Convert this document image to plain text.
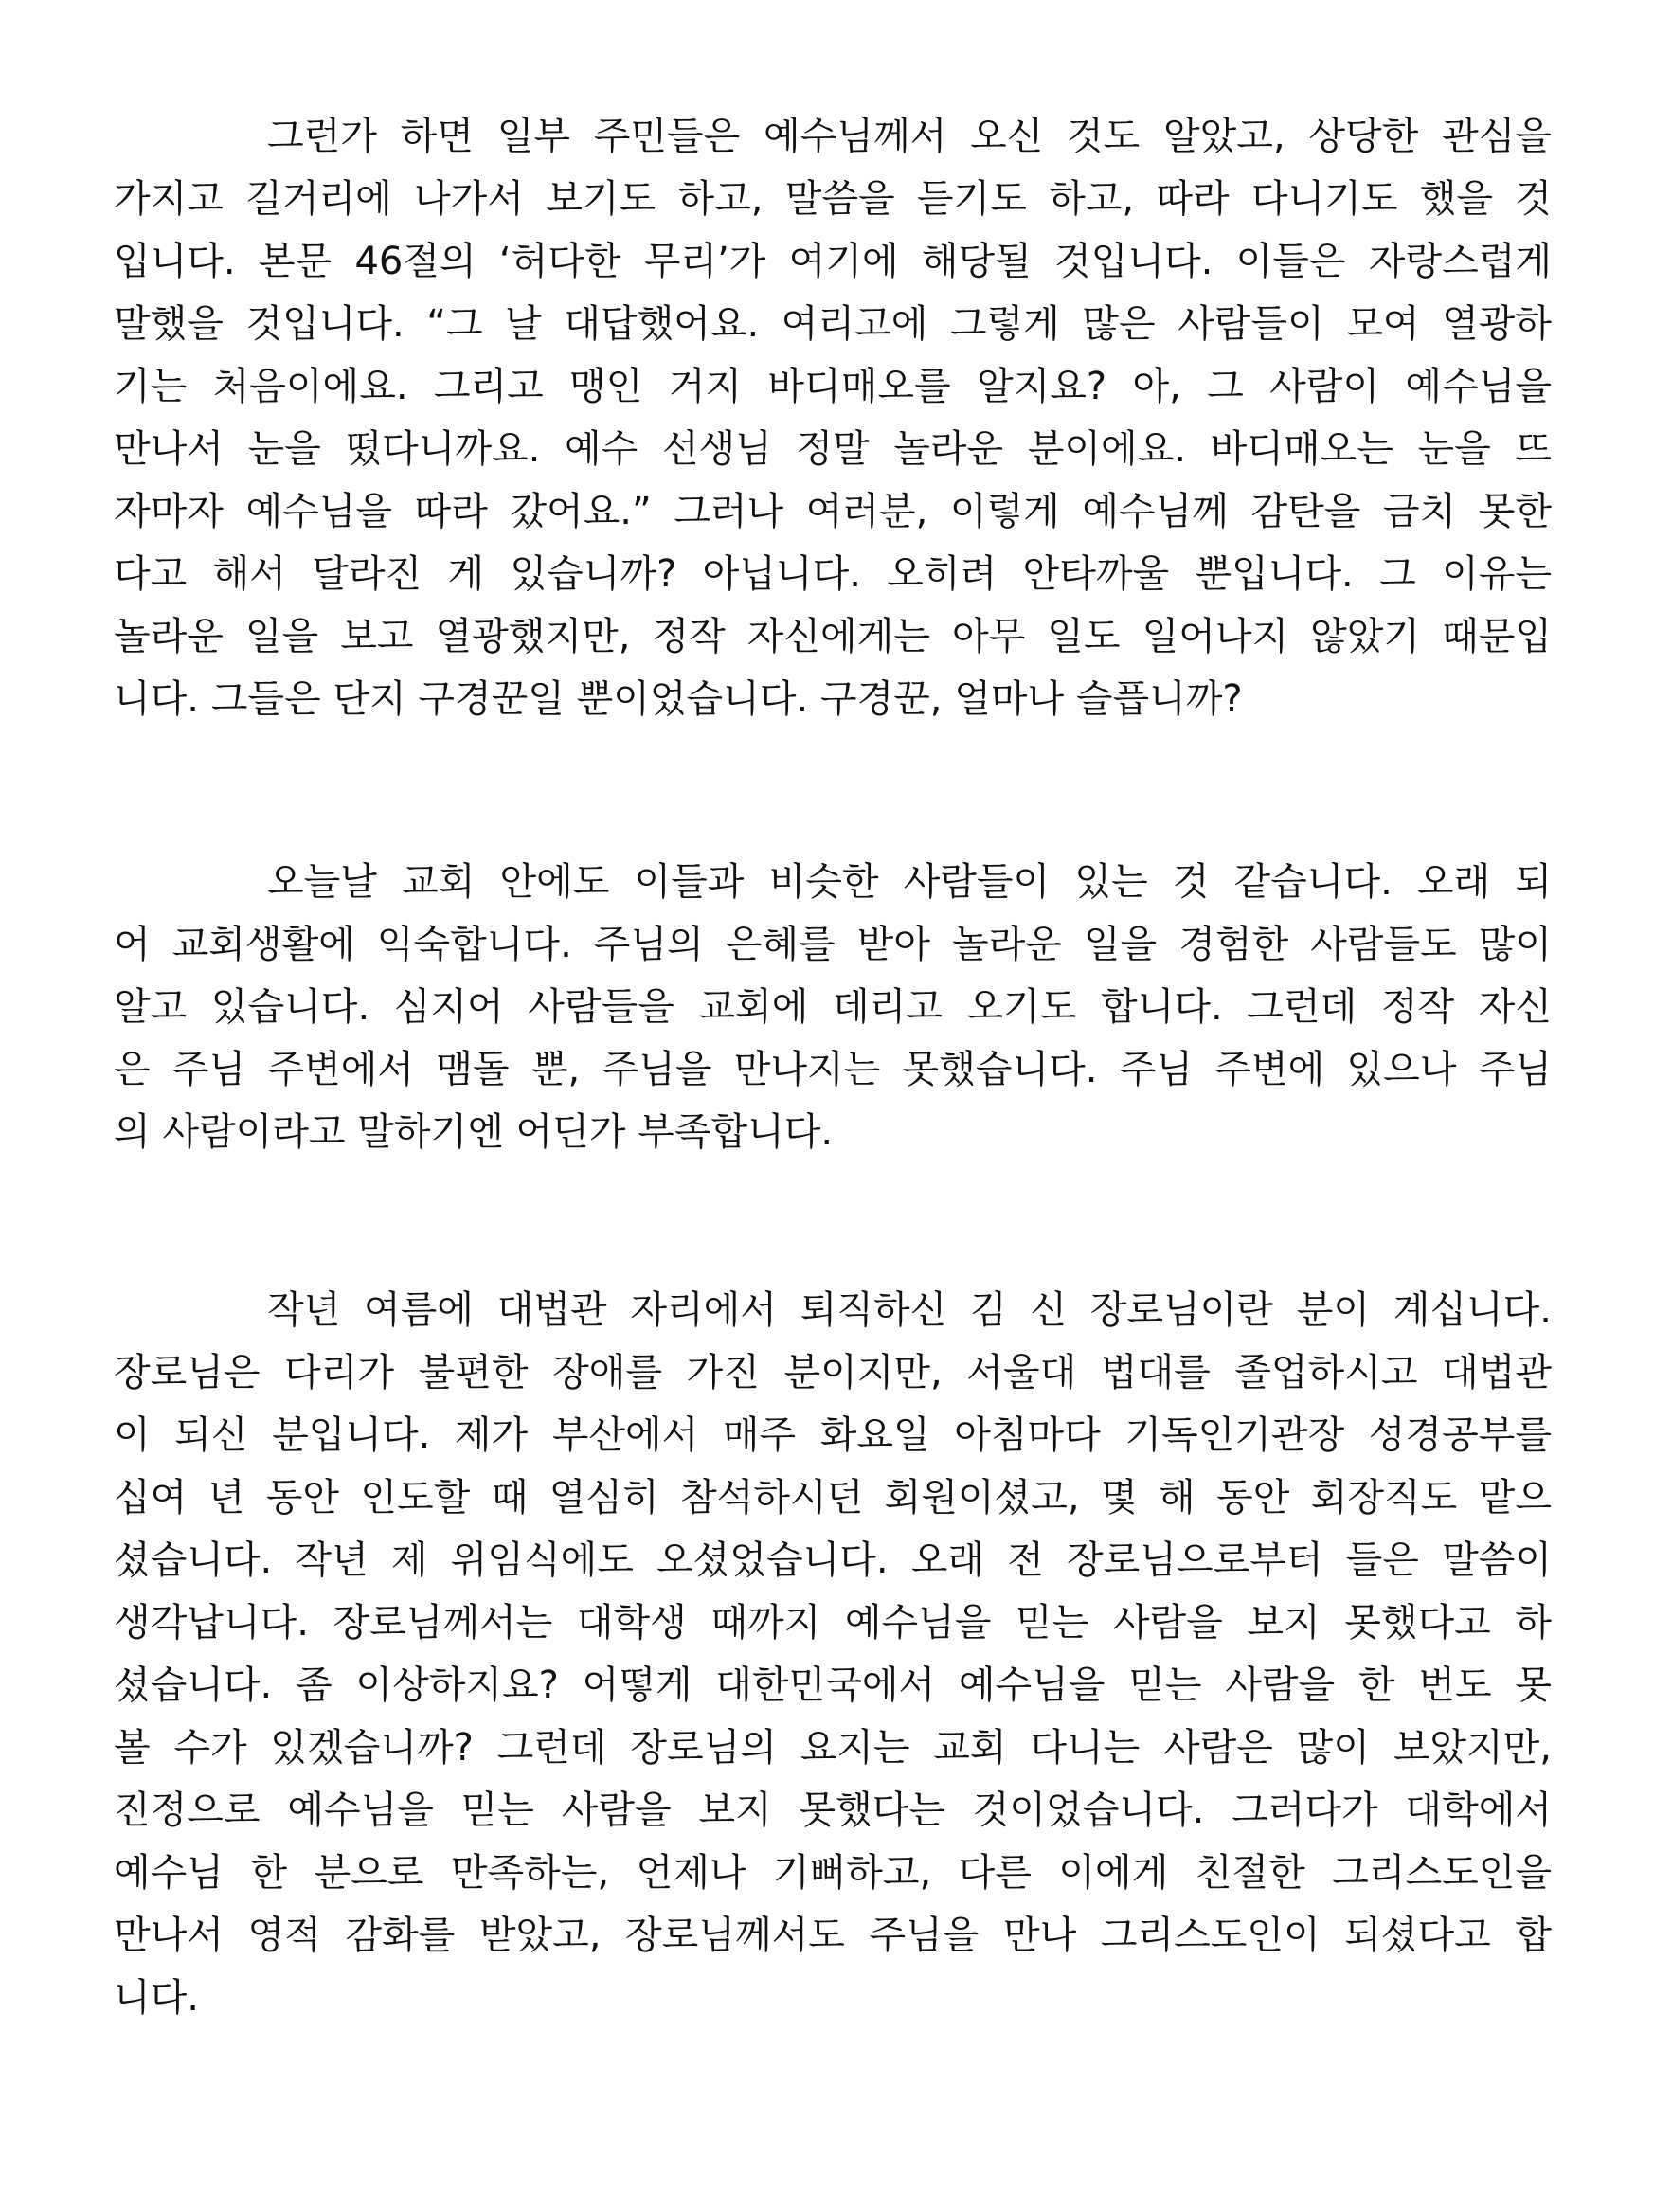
그런가 하면 일부 주민들은 예수님께서 오신 것도 알았고, 상당한 관심을
가지고 길거리에 나가서 보기도 하고, 말씀을 듣기도 하고, 따라 다니기도 했을 것
입니다. 본문 46절의 ‘허다한 무리’가 여기에 해당될 것입니다. 이들은 자랑스럽게
말했을 것입니다. “그 날 대답했어요. 여리고에 그렇게 많은 사람들이 모여 열광하
기는 처음이에요. 그리고 맹인 거지 바디매오를 알지요? 아, 그 사람이 예수님을
만나서 눈을 떴다니까요. 예수 선생님 정말 놀라운 분이에요. 바디매오는 눈을 뜨
자마자 예수님을 따라 갔어요.” 그러나 여러분, 이렇게 예수님께 감탄을 금치 못한
다고 해서 달라진 게 있습니까? 아닙니다. 오히려 안타까울 뿐입니다. 그 이유는
놀라운 일을 보고 열광했지만, 정작 자신에게는 아무 일도 일어나지 않았기 때문입
니다. 그들은 단지 구경꾼일 뿐이었습니다. 구경꾼, 얼마나 슬픕니까?
오늘날 교회 안에도 이들과 비슷한 사람들이 있는 것 같습니다. 오래 되
어 교회생활에 익숙합니다. 주님의 은혜를 받아 놀라운 일을 경험한 사람들도 많이
알고 있습니다. 심지어 사람들을 교회에 데리고 오기도 합니다. 그런데 정작 자신
은 주님 주변에서 맴돌 뿐, 주님을 만나지는 못했습니다. 주님 주변에 있으나 주님
의 사람이라고 말하기엔 어딘가 부족합니다.
작년 여름에 대법관 자리에서 퇴직하신 김 신 장로님이란 분이 계십니다.
장로님은 다리가 불편한 장애를 가진 분이지만, 서울대 법대를 졸업하시고 대법관
이 되신 분입니다. 제가 부산에서 매주 화요일 아침마다 기독인기관장 성경공부를
십여 년 동안 인도할 때 열심히 참석하시던 회원이셨고, 몇 해 동안 회장직도 맡으
셨습니다. 작년 제 위임식에도 오셨었습니다. 오래 전 장로님으로부터 들은 말씀이
생각납니다. 장로님께서는 대학생 때까지 예수님을 믿는 사람을 보지 못했다고 하
셨습니다. 좀 이상하지요? 어떻게 대한민국에서 예수님을 믿는 사람을 한 번도 못
볼 수가 있겠습니까? 그런데 장로님의 요지는 교회 다니는 사람은 많이 보았지만,
진정으로 예수님을 믿는 사람을 보지 못했다는 것이었습니다. 그러다가 대학에서
예수님 한 분으로 만족하는, 언제나 기뻐하고, 다른 이에게 친절한 그리스도인을
만나서 영적 감화를 받았고, 장로님께서도 주님을 만나 그리스도인이 되셨다고 합
니다.
